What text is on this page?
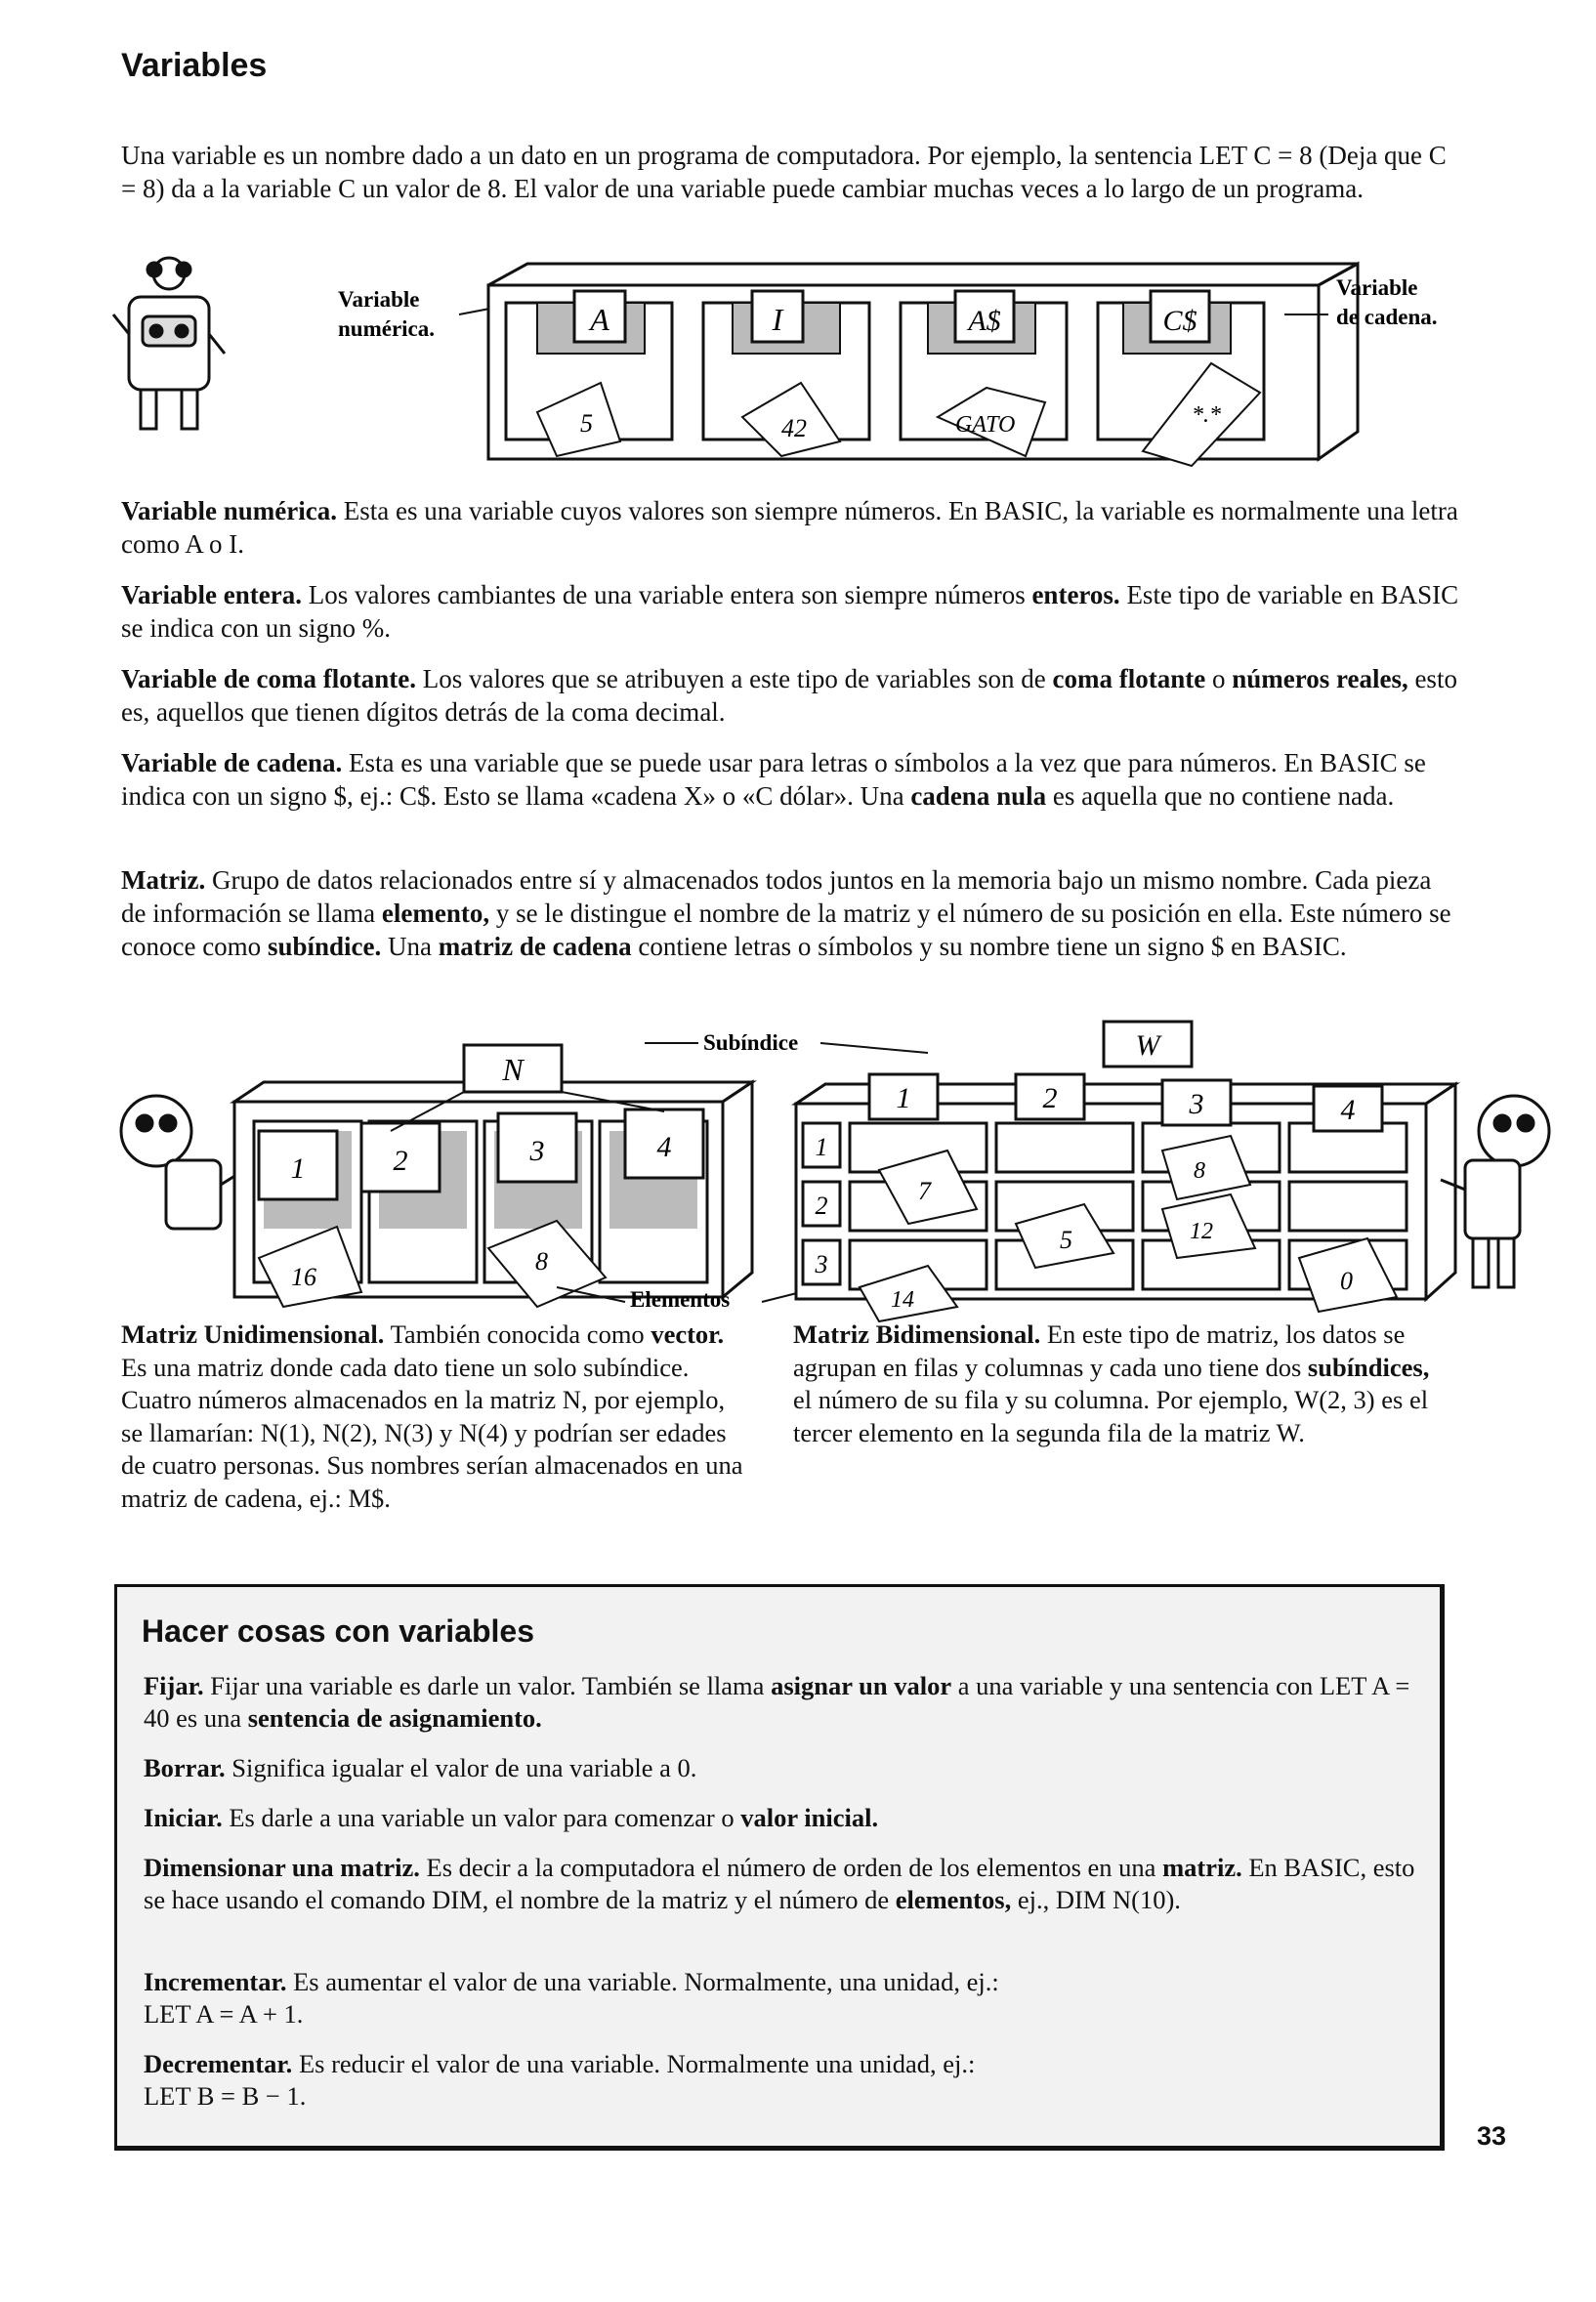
Variables

Una variable es un nombre dado a un dato en un programa de computadora. Por ejemplo, la sentencia LET C = 8 (Deja que C = 8) da a la variable C un valor de 8. El valor de una variable puede cambiar muchas veces a lo largo de un programa.

Variable
numérica.	A
5
I
42
A$
GATO
C$
*.*
Variable
de cadena.

Variable numérica. Esta es una variable cuyos valores son siempre números. En BASIC, la variable es normalmente una letra como A o I.

Variable entera. Los valores cambiantes de una variable entera son siempre números enteros. Este tipo de variable en BASIC se indica con un signo %.

Variable de coma flotante. Los valores que se atribuyen a este tipo de variables son de coma flotante o números reales, esto es, aquellos que tienen dígitos detrás de la coma decimal.

Variable de cadena. Esta es una variable que se puede usar para letras o símbolos a la vez que para números. En BASIC se indica con un signo $, ej.: C$. Esto se llama «cadena X» o «C dólar». Una cadena nula es aquella que no contiene nada.

Matriz. Grupo de datos relacionados entre sí y almacenados todos juntos en la memoria bajo un mismo nombre. Cada pieza de información se llama elemento, y se le distingue el nombre de la matriz y el número de su posición en ella. Este número se conoce como subíndice. Una matriz de cadena contiene letras o símbolos y su nombre tiene un signo $ en BASIC.

1	2	3	4
N
16
8
Subíndice
Elementos
1
2
3
1	2	3	4
W
7
8
5	12
14
0

Matriz Unidimensional. También conocida como vector. Es una matriz donde cada dato tiene un solo subíndice. Cuatro números almacenados en la matriz N, por ejemplo, se llamarían: N(1), N(2), N(3) y N(4) y podrían ser edades de cuatro personas. Sus nombres serían almacenados en una matriz de cadena, ej.: M$.

Matriz Bidimensional. En este tipo de matriz, los datos se agrupan en filas y columnas y cada uno tiene dos subíndices, el número de su fila y su columna. Por ejemplo, W(2, 3) es el tercer elemento en la segunda fila de la matriz W.

Hacer cosas con variables

Fijar. Fijar una variable es darle un valor. También se llama asignar un valor a una variable y una sentencia con LET A = 40 es una sentencia de asignamiento.

Borrar. Significa igualar el valor de una variable a 0.

Iniciar. Es darle a una variable un valor para comenzar o valor inicial.

Dimensionar una matriz. Es decir a la computadora el número de orden de los elementos en una matriz. En BASIC, esto se hace usando el comando DIM, el nombre de la matriz y el número de elementos, ej., DIM N(10).

Incrementar. Es aumentar el valor de una variable. Normalmente, una unidad, ej.:
LET A = A + 1.

Decrementar. Es reducir el valor de una variable. Normalmente una unidad, ej.:
LET B = B − 1.

33
